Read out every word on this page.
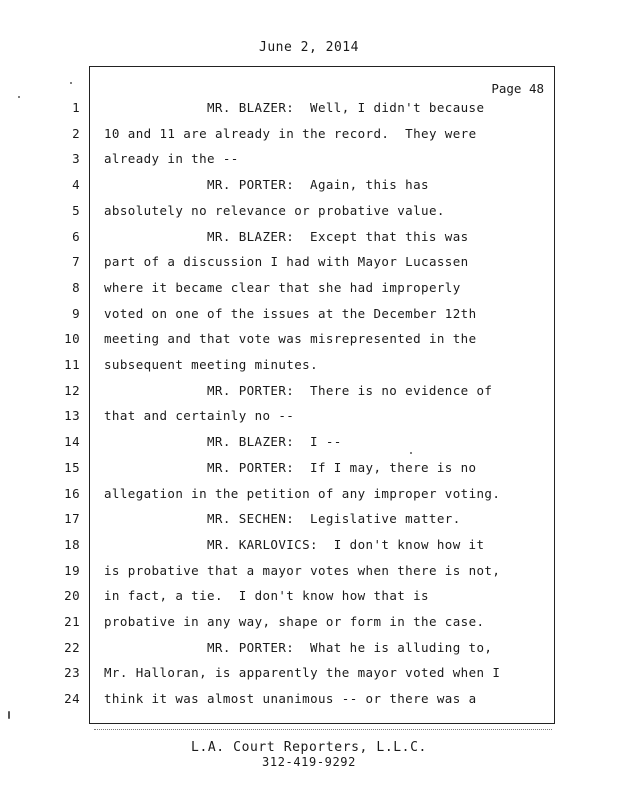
June 2, 2014
Page 48
1	MR. BLAZER:  Well, I didn't because
2 10 and 11 are already in the record.  They were
3 already in the --
4	MR. PORTER:  Again, this has
5 absolutely no relevance or probative value.
6	MR. BLAZER:  Except that this was
7 part of a discussion I had with Mayor Lucassen
8 where it became clear that she had improperly
9 voted on one of the issues at the December 12th
10 meeting and that vote was misrepresented in the
11 subsequent meeting minutes.
12	MR. PORTER:  There is no evidence of
13 that and certainly no --
14	MR. BLAZER:  I --
15	MR. PORTER:  If I may, there is no
16 allegation in the petition of any improper voting.
17	MR. SECHEN:  Legislative matter.
18	MR. KARLOVICS:  I don't know how it
19 is probative that a mayor votes when there is not,
20 in fact, a tie.  I don't know how that is
21 probative in any way, shape or form in the case.
22	MR. PORTER:  What he is alluding to,
23 Mr. Halloran, is apparently the mayor voted when I
24 think it was almost unanimous -- or there was a
L.A. Court Reporters, L.L.C.
312-419-9292
